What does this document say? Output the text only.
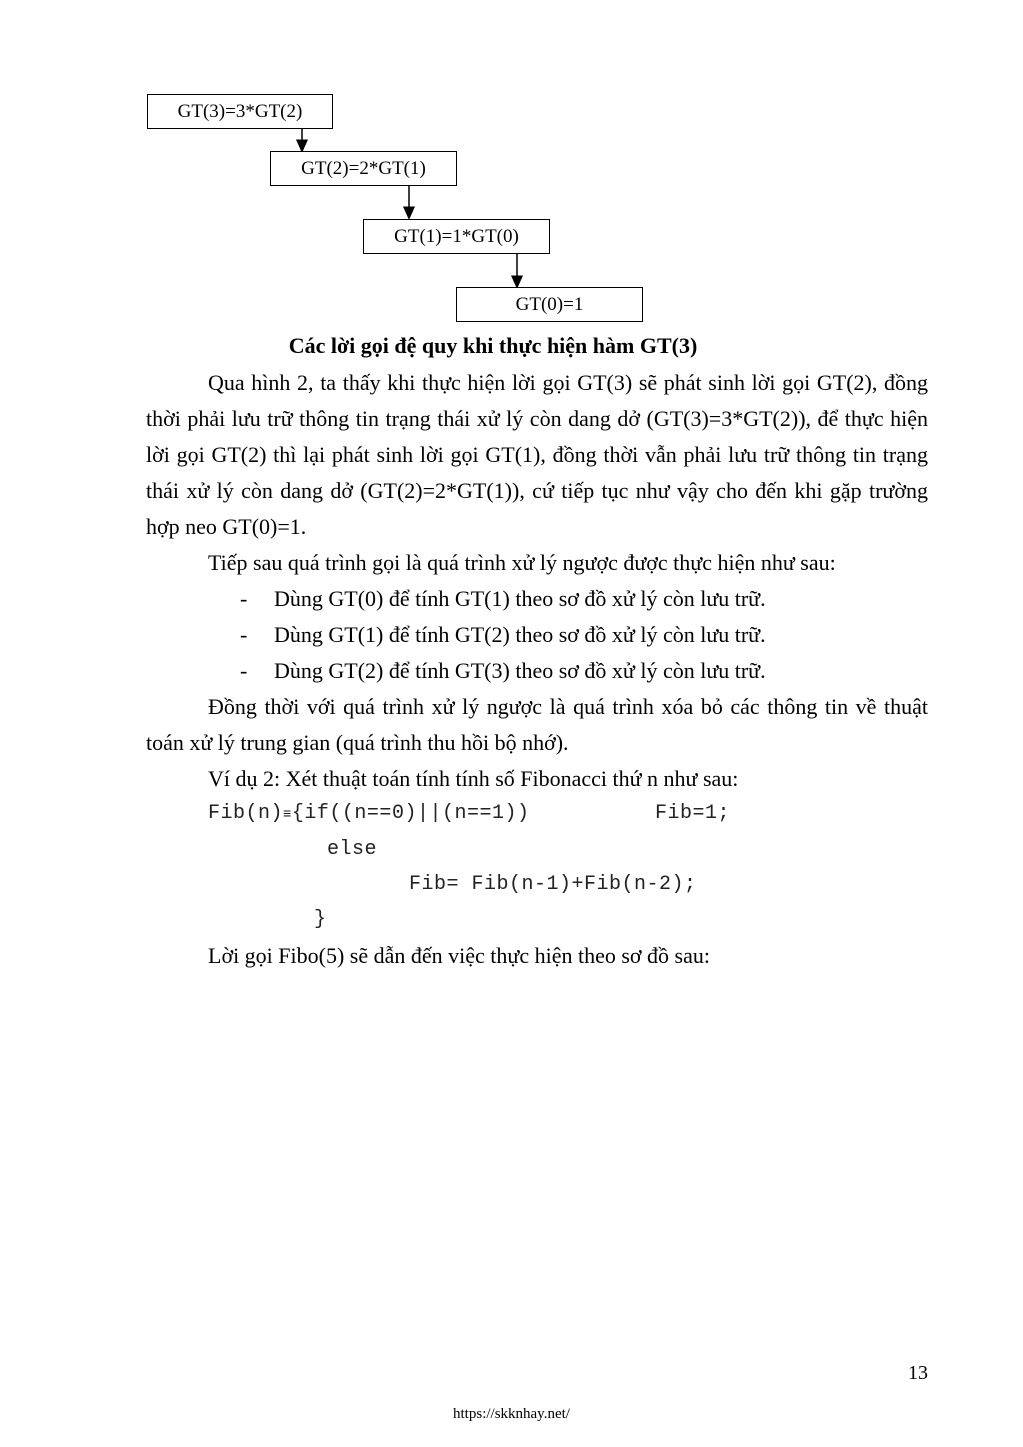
GT(3)=3*GT(2)
GT(2)=2*GT(1)
GT(1)=1*GT(0)
GT(0)=1
Các lời gọi đệ quy khi thực hiện hàm GT(3)

Qua hình 2, ta thấy khi thực hiện lời gọi GT(3) sẽ phát sinh lời gọi GT(2), đồng thời phải lưu trữ thông tin trạng thái xử lý còn dang dở (GT(3)=3*GT(2)), để thực hiện lời gọi GT(2) thì lại phát sinh lời gọi GT(1), đồng thời vẫn phải lưu trữ thông tin trạng thái xử lý còn dang dở (GT(2)=2*GT(1)), cứ tiếp tục như vậy cho đến khi gặp trường hợp neo GT(0)=1.

Tiếp sau quá trình gọi là quá trình xử lý ngược được thực hiện như sau:

- Dùng GT(0) để tính GT(1) theo sơ đồ xử lý còn lưu trữ.
- Dùng GT(1) để tính GT(2) theo sơ đồ xử lý còn lưu trữ.
- Dùng GT(2) để tính GT(3) theo sơ đồ xử lý còn lưu trữ.

Đồng thời với quá trình xử lý ngược là quá trình xóa bỏ các thông tin về thuật toán xử lý trung gian (quá trình thu hồi bộ nhớ).

Ví dụ 2: Xét thuật toán tính tính số Fibonacci thứ n như sau:

Fib(n)≡{if((n==0)||(n==1))	Fib=1;
else
Fib= Fib(n-1)+Fib(n-2);
}

Lời gọi Fibo(5) sẽ dẫn đến việc thực hiện theo sơ đồ sau:

13
https://skknhay.net/
